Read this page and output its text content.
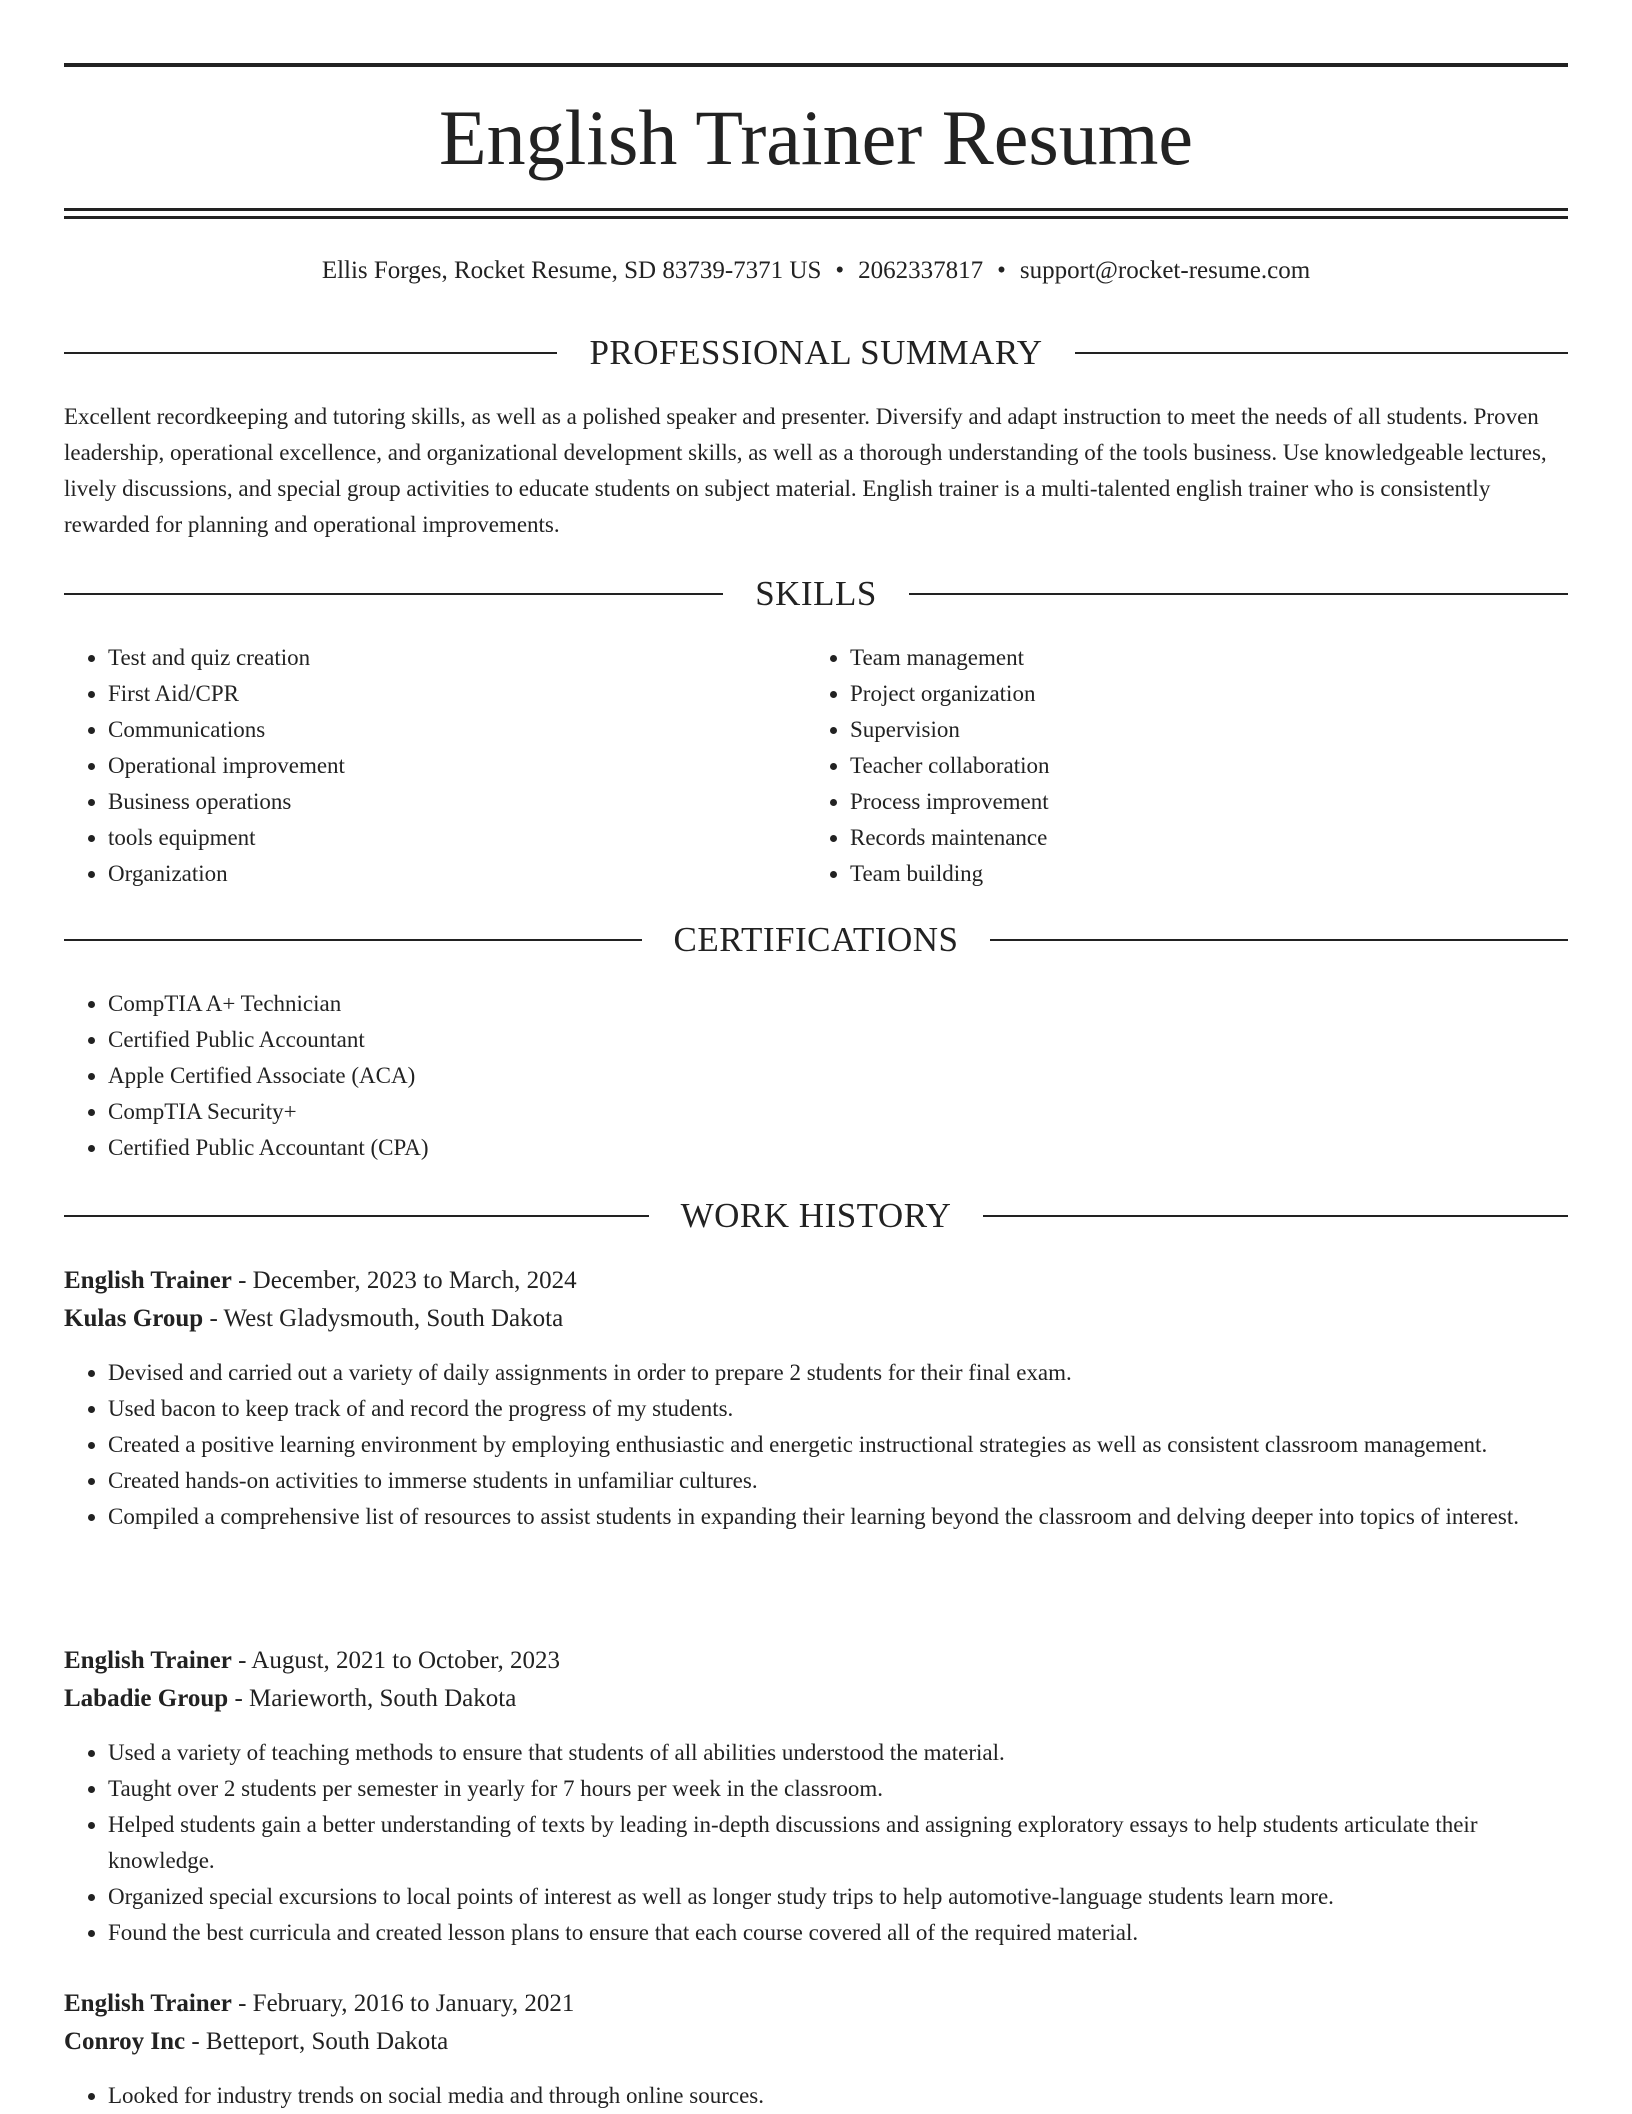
English Trainer Resume
Ellis Forges, Rocket Resume, SD 83739-7371 US • 2062337817 • support@rocket-resume.com
PROFESSIONAL SUMMARY

Excellent recordkeeping and tutoring skills, as well as a polished speaker and presenter. Diversify and adapt instruction to meet the needs of all students. Proven leadership, operational excellence, and organizational development skills, as well as a thorough understanding of the tools business. Use knowledgeable lectures, lively discussions, and special group activities to educate students on subject material. English trainer is a multi-talented english trainer who is consistently rewarded for planning and operational improvements.

SKILLS
• Test and quiz creation
• First Aid/CPR
• Communications
• Operational improvement
• Business operations
• tools equipment
• Organization
• Team management
• Project organization
• Supervision
• Teacher collaboration
• Process improvement
• Records maintenance
• Team building
CERTIFICATIONS
• CompTIA A+ Technician
• Certified Public Accountant
• Apple Certified Associate (ACA)
• CompTIA Security+
• Certified Public Accountant (CPA)
WORK HISTORY
English Trainer - December, 2023 to March, 2024
Kulas Group - West Gladysmouth, South Dakota
• Devised and carried out a variety of daily assignments in order to prepare 2 students for their final exam.
• Used bacon to keep track of and record the progress of my students.
• Created a positive learning environment by employing enthusiastic and energetic instructional strategies as well as consistent classroom management.
• Created hands-on activities to immerse students in unfamiliar cultures.
• Compiled a comprehensive list of resources to assist students in expanding their learning beyond the classroom and delving deeper into topics of interest.
English Trainer - August, 2021 to October, 2023
Labadie Group - Marieworth, South Dakota
• Used a variety of teaching methods to ensure that students of all abilities understood the material.
• Taught over 2 students per semester in yearly for 7 hours per week in the classroom.
• Helped students gain a better understanding of texts by leading in-depth discussions and assigning exploratory essays to help students articulate their knowledge.
• Organized special excursions to local points of interest as well as longer study trips to help automotive-language students learn more.
• Found the best curricula and created lesson plans to ensure that each course covered all of the required material.
English Trainer - February, 2016 to January, 2021
Conroy Inc - Betteport, South Dakota
• Looked for industry trends on social media and through online sources.
